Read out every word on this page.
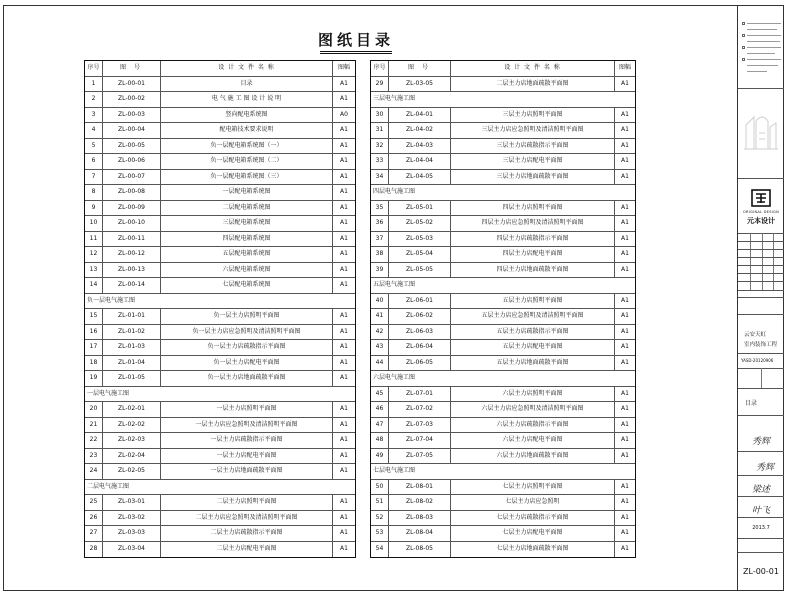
图纸目录
序号	图 号	设 计 文 件 名 称	图幅
1	ZL-00-01	目录	A1
2	ZL-00-02	电 气 施 工 图 设 计 说 明	A1
3	ZL-00-03	竖向配电系统图	A0
4	ZL-00-04	配电箱技术要求说明	A1
5	ZL-00-05	负一层配电箱系统图（一）	A1
6	ZL-00-06	负一层配电箱系统图（二）	A1
7	ZL-00-07	负一层配电箱系统图（三）	A1
8	ZL-00-08	一层配电箱系统图	A1
9	ZL-00-09	二层配电箱系统图	A1
10	ZL-00-10	三层配电箱系统图	A1
11	ZL-00-11	四层配电箱系统图	A1
12	ZL-00-12	五层配电箱系统图	A1
13	ZL-00-13	六层配电箱系统图	A1
14	ZL-00-14	七层配电箱系统图	A1
负一层电气施工图
15	ZL-01-01	负一层主力店照明平面图	A1
16	ZL-01-02	负一层主力店应急照明及清洁照明平面图	A1
17	ZL-01-03	负一层主力店疏散指示平面图	A1
18	ZL-01-04	负一层主力店配电平面图	A1
19	ZL-01-05	负一层主力店地面疏散平面图	A1
一层电气施工图
20	ZL-02-01	一层主力店照明平面图	A1
21	ZL-02-02	一层主力店应急照明及清洁照明平面图	A1
22	ZL-02-03	一层主力店疏散指示平面图	A1
23	ZL-02-04	一层主力店配电平面图	A1
24	ZL-02-05	一层主力店地面疏散平面图	A1
二层电气施工图
25	ZL-03-01	二层主力店照明平面图	A1
26	ZL-03-02	二层主力店应急照明及清洁照明平面图	A1
27	ZL-03-03	二层主力店疏散指示平面图	A1
28	ZL-03-04	二层主力店配电平面图	A1
序号	图 号	设 计 文 件 名 称	图幅
29	ZL-03-05	二层主力店地面疏散平面图	A1
三层电气施工图
30	ZL-04-01	三层主力店照明平面图	A1
31	ZL-04-02	三层主力店应急照明及清洁照明平面图	A1
32	ZL-04-03	三层主力店疏散指示平面图	A1
33	ZL-04-04	三层主力店配电平面图	A1
34	ZL-04-05	三层主力店地面疏散平面图	A1
四层电气施工图
35	ZL-05-01	四层主力店照明平面图	A1
36	ZL-05-02	四层主力店应急照明及清洁照明平面图	A1
37	ZL-05-03	四层主力店疏散指示平面图	A1
38	ZL-05-04	四层主力店配电平面图	A1
39	ZL-05-05	四层主力店地面疏散平面图	A1
五层电气施工图
40	ZL-06-01	五层主力店照明平面图	A1
41	ZL-06-02	五层主力店应急照明及清洁照明平面图	A1
42	ZL-06-03	五层主力店疏散指示平面图	A1
43	ZL-06-04	五层主力店配电平面图	A1
44	ZL-06-05	五层主力店地面疏散平面图	A1
六层电气施工图
45	ZL-07-01	六层主力店照明平面图	A1
46	ZL-07-02	六层主力店应急照明及清洁照明平面图	A1
47	ZL-07-03	六层主力店疏散指示平面图	A1
48	ZL-07-04	六层主力店配电平面图	A1
49	ZL-07-05	六层主力店地面疏散平面图	A1
七层电气施工图
50	ZL-08-01	七层主力店照明平面图	A1
51	ZL-08-02	七层主力店应急照明	A1
52	ZL-08-03	七层主力店疏散指示平面图	A1
53	ZL-08-04	七层主力店配电平面图	A1
54	ZL-08-05	七层主力店地面疏散平面图	A1
ORIGINAL DESIGN
元本设计
云安天虹
室内装饰工程
YASD-20120906
目录
秀辉
秀辉
梁述
叶飞
2013.7
ZL-00-01
